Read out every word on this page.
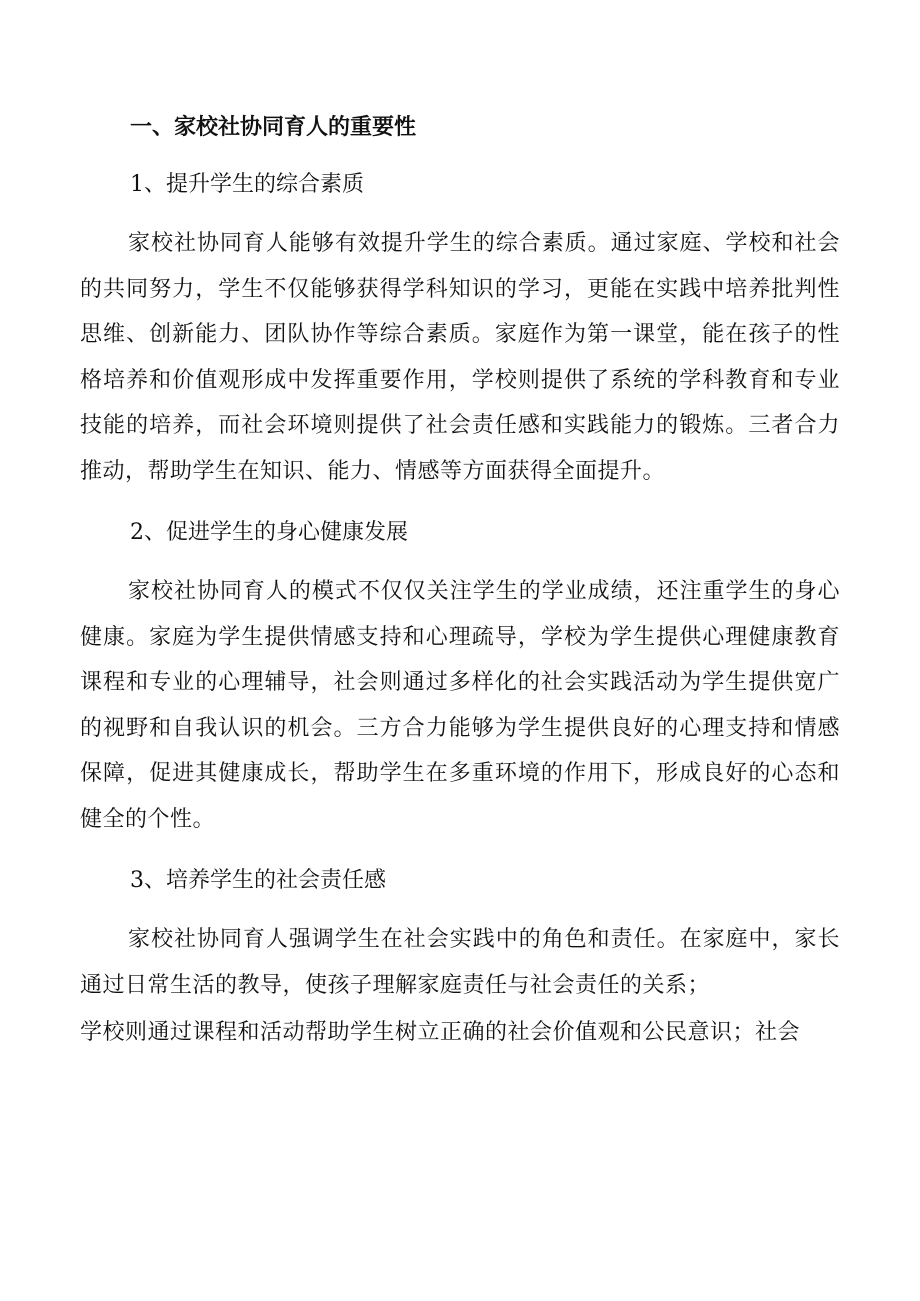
一、家校社协同育人的重要性
1、提升学生的综合素质

家校社协同育人能够有效提升学生的综合素质。通过家庭、学校和社会的共同努力，学生不仅能够获得学科知识的学习，更能在实践中培养批判性思维、创新能力、团队协作等综合素质。家庭作为第一课堂，能在孩子的性格培养和价值观形成中发挥重要作用，学校则提供了系统的学科教育和专业技能的培养，而社会环境则提供了社会责任感和实践能力的锻炼。三者合力推动，帮助学生在知识、能力、情感等方面获得全面提升。

2、促进学生的身心健康发展

家校社协同育人的模式不仅仅关注学生的学业成绩，还注重学生的身心健康。家庭为学生提供情感支持和心理疏导，学校为学生提供心理健康教育课程和专业的心理辅导，社会则通过多样化的社会实践活动为学生提供宽广的视野和自我认识的机会。三方合力能够为学生提供良好的心理支持和情感保障，促进其健康成长，帮助学生在多重环境的作用下，形成良好的心态和健全的个性。

3、培养学生的社会责任感

家校社协同育人强调学生在社会实践中的角色和责任。在家庭中，家长通过日常生活的教导，使孩子理解家庭责任与社会责任的关系；

学校则通过课程和活动帮助学生树立正确的社会价值观和公民意识；社会
